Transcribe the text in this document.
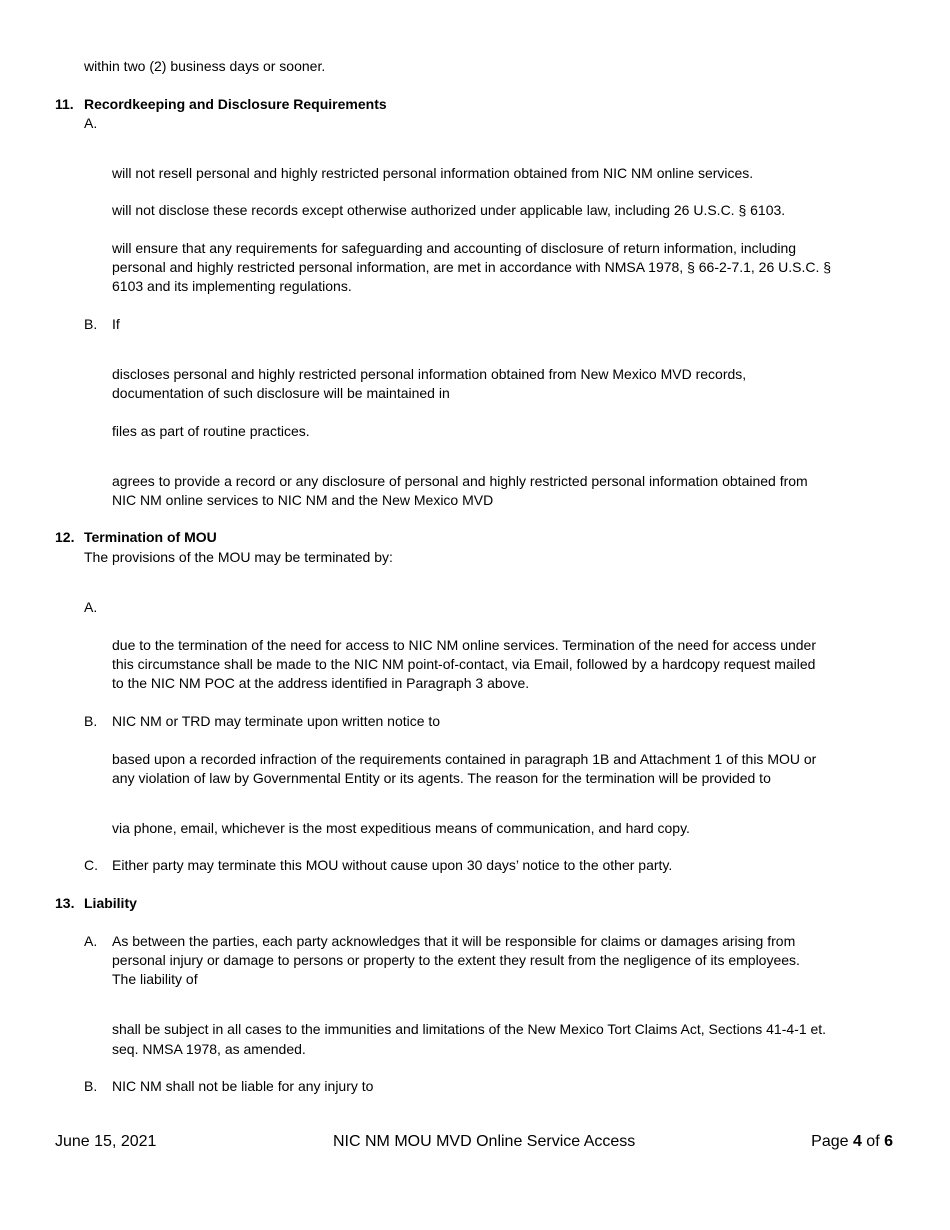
within two (2) business days or sooner.

11. Recordkeeping and Disclosure Requirements

A.

will not resell personal and highly restricted personal information obtained from NIC NM online services.

will not disclose these records except otherwise authorized under applicable law, including 26 U.S.C. § 6103.

will ensure that any requirements for safeguarding and accounting of disclosure of return information, including

personal and highly restricted personal information, are met in accordance with NMSA 1978, § 66-2-7.1, 26 U.S.C. §

6103 and its implementing regulations.

B. If

discloses personal and highly restricted personal information obtained from New Mexico MVD records,

documentation of such disclosure will be maintained in

files as part of routine practices.

agrees to provide a record or any disclosure of personal and highly restricted personal information obtained from

NIC NM online services to NIC NM and the New Mexico MVD

12. Termination of MOU

The provisions of the MOU may be terminated by:

A.

due to the termination of the need for access to NIC NM online services. Termination of the need for access under

this circumstance shall be made to the NIC NM point-of-contact, via Email, followed by a hardcopy request mailed

to the NIC NM POC at the address identified in Paragraph 3 above.

B. NIC NM or TRD may terminate upon written notice to

based upon a recorded infraction of the requirements contained in paragraph 1B and Attachment 1 of this MOU or

any violation of law by Governmental Entity or its agents. The reason for the termination will be provided to

via phone, email, whichever is the most expeditious means of communication, and hard copy.

C. Either party may terminate this MOU without cause upon 30 days’ notice to the other party.

13. Liability

A. As between the parties, each party acknowledges that it will be responsible for claims or damages arising from

personal injury or damage to persons or property to the extent they result from the negligence of its employees.

The liability of

shall be subject in all cases to the immunities and limitations of the New Mexico Tort Claims Act, Sections 41-4-1 et.

seq. NMSA 1978, as amended.

B. NIC NM shall not be liable for any injury to

June 15, 2021	NIC NM MOU MVD Online Service Access	Page 4 of 6
